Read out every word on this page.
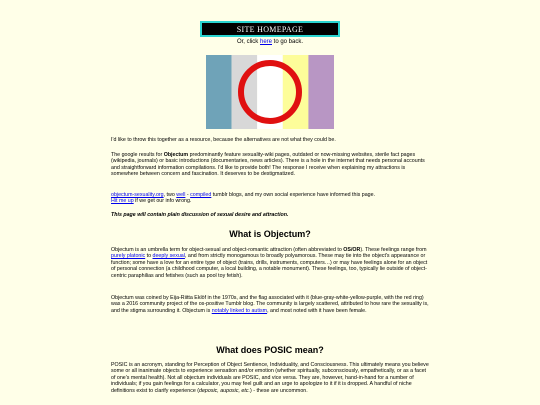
SITE HOMEPAGE
Or, click here to go back.

I'd like to throw this together as a resource, because the alternatives are not what they could be.

The google results for Objectum predominantly feature sexuality-wiki pages, outdated or now-missing websites, sterile fact pages (wikipedia, journals) or basic introductions (documentaries, news articles). There is a hole in the internet that needs personal accounts and straightforward information compilations. I'd like to provide both! The response I receive when explaining my attractions is somewhere between concern and fascination. It deserves to be destigmatized.

objectum-sexuality.org, two well - compiled tumblr blogs, and my own social experience have informed this page.
Hit me up if we get our info wrong.

This page will contain plain discussion of sexual desire and attraction.

What is Objectum?

Objectum is an umbrella term for object-sexual and object-romantic attraction (often abbreviated to OS/OR). These feelings range from purely platonic to deeply sexual, and from strictly monogamous to broadly polyamorous. These may tie into the object's appearance or function; some have a love for an entire type of object (trains, drills, instruments, computers…) or may have feelings alone for an object of personal connection (a childhood computer, a local building, a notable monument). These feelings, too, typically lie outside of object-centric paraphilias and fetishes (such as pool toy fetish).

Objectum was coined by Eija-Riitta Eklöf in the 1970s, and the flag associated with it (blue-gray-white-yellow-purple, with the red ring) was a 2016 community project of the os-positive Tumblr blog. The community is largely scattered, attributed to how rare the sexuality is, and the stigma surrounding it. Objectum is notably linked to autism, and most noted with it have been female.

What does POSIC mean?

POSIC is an acronym, standing for Perception of Object Sentience, Individuality, and Consciousness. This ultimately means you believe some or all inanimate objects to experience sensation and/or emotion (whether spiritually, subconsciously, empathetically, or as a facet of one's mental health). Not all objectum individuals are POSIC, and vice versa. They are, however, hand-in-hand for a number of individuals; if you gain feelings for a calculator, you may feel guilt and an urge to apologize to it if it is dropped. A handful of niche definitions exist to clarify experience (deposic, auposic, etc.) - these are uncommon.
